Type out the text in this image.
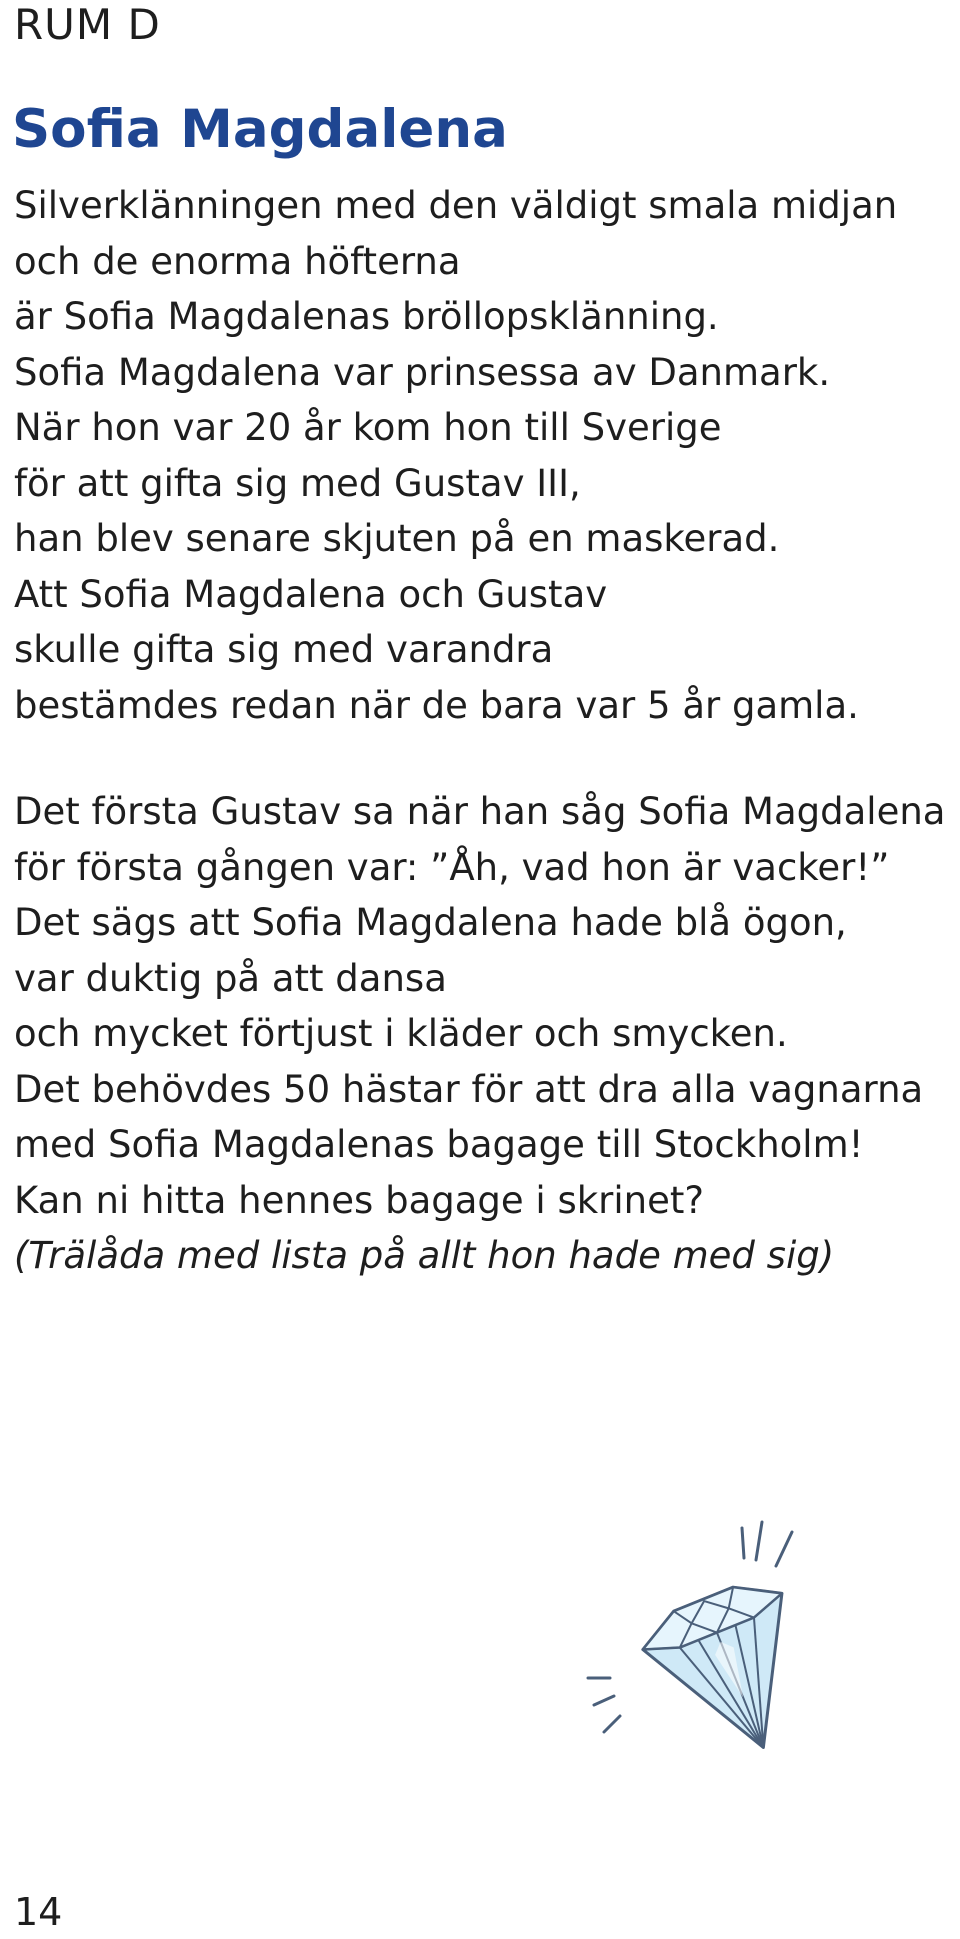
RUM D

Sofia Magdalena

Silverklänningen med den väldigt smala midjan
och de enorma höfterna
är Sofia Magdalenas bröllopsklänning.
Sofia Magdalena var prinsessa av Danmark.
När hon var 20 år kom hon till Sverige
för att gifta sig med Gustav III,
han blev senare skjuten på en maskerad.
Att Sofia Magdalena och Gustav
skulle gifta sig med varandra
bestämdes redan när de bara var 5 år gamla.

Det första Gustav sa när han såg Sofia Magdalena
för första gången var: ”Åh, vad hon är vacker!”
Det sägs att Sofia Magdalena hade blå ögon,
var duktig på att dansa
och mycket förtjust i kläder och smycken.
Det behövdes 50 hästar för att dra alla vagnarna
med Sofia Magdalenas bagage till Stockholm!
Kan ni hitta hennes bagage i skrinet?
(Trälåda med lista på allt hon hade med sig)

14
